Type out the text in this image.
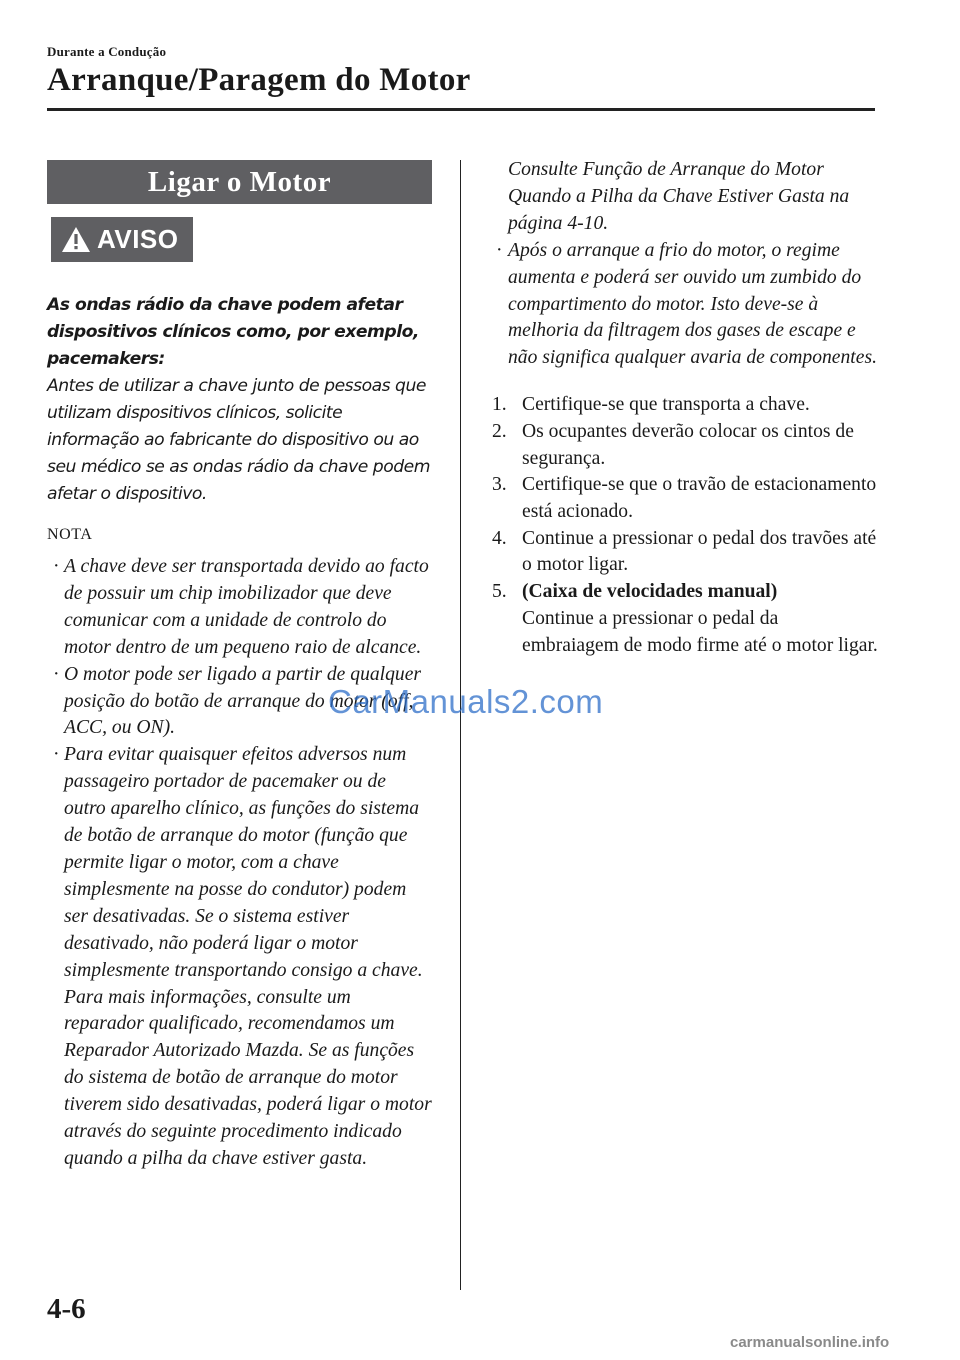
Durante a Condução
Arranque/Paragem do Motor
Ligar o Motor
AVISO
As ondas rádio da chave podem afetar dispositivos clínicos como, por exemplo, pacemakers:
Antes de utilizar a chave junto de pessoas que utilizam dispositivos clínicos, solicite informação ao fabricante do dispositivo ou ao seu médico se as ondas rádio da chave podem afetar o dispositivo.
NOTA
· A chave deve ser transportada devido ao facto de possuir um chip imobilizador que deve comunicar com a unidade de controlo do motor dentro de um pequeno raio de alcance.
· O motor pode ser ligado a partir de qualquer posição do botão de arranque do motor (off, ACC, ou ON).
· Para evitar quaisquer efeitos adversos num passageiro portador de pacemaker ou de outro aparelho clínico, as funções do sistema de botão de arranque do motor (função que permite ligar o motor, com a chave simplesmente na posse do condutor) podem ser desativadas. Se o sistema estiver desativado, não poderá ligar o motor simplesmente transportando consigo a chave. Para mais informações, consulte um reparador qualificado, recomendamos um Reparador Autorizado Mazda. Se as funções do sistema de botão de arranque do motor tiverem sido desativadas, poderá ligar o motor através do seguinte procedimento indicado quando a pilha da chave estiver gasta.
Consulte Função de Arranque do Motor Quando a Pilha da Chave Estiver Gasta na página 4-10.
· Após o arranque a frio do motor, o regime aumenta e poderá ser ouvido um zumbido do compartimento do motor. Isto deve-se à melhoria da filtragem dos gases de escape e não significa qualquer avaria de componentes.
1. Certifique-se que transporta a chave.
2. Os ocupantes deverão colocar os cintos de segurança.
3. Certifique-se que o travão de estacionamento está acionado.
4. Continue a pressionar o pedal dos travões até o motor ligar.
5. (Caixa de velocidades manual)
Continue a pressionar o pedal da embraiagem de modo firme até o motor ligar.
CarManuals2.com
4-6
carmanualsonline.info
